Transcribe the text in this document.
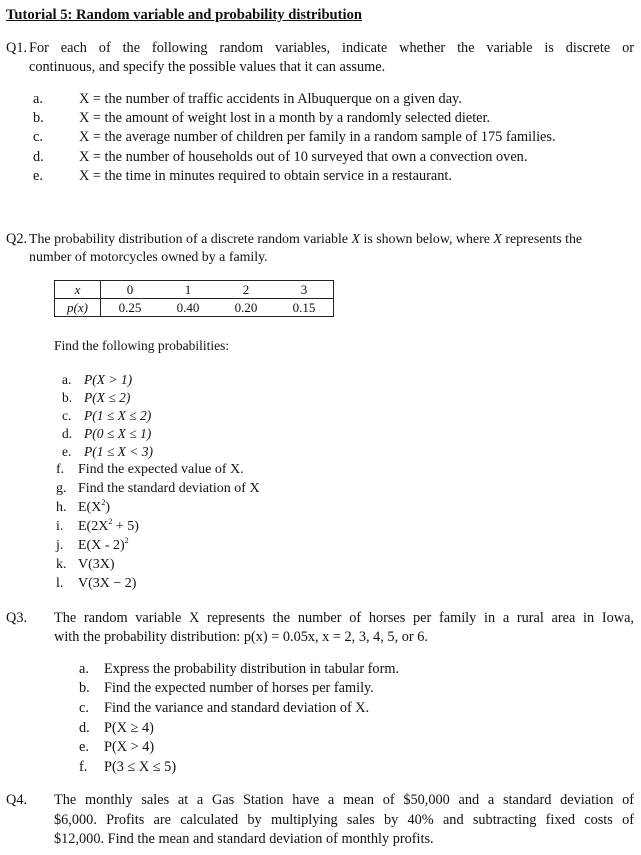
Tutorial 5: Random variable and probability distribution
Q1. For each of the following random variables, indicate whether the variable is discrete or
continuous, and specify the possible values that it can assume.
a.	X = the number of traffic accidents in Albuquerque on a given day.
b. X = the amount of weight lost in a month by a randomly selected dieter.
c.	X = the average number of children per family in a random sample of 175 families.
d. X = the number of households out of 10 surveyed that own a convection oven.
e.	X = the time in minutes required to obtain service in a restaurant.
Q2. The probability distribution of a discrete random variable X is shown below, where X represents the
number of motorcycles owned by a family.
x	0	1	2	3
p(x)	0.25	0.40	0.20	0.15
Find the following probabilities:
a. P(X > 1)
b. P(X ≤ 2)
c. P(1 ≤ X ≤ 2)
d. P(0 ≤ X ≤ 1)
e. P(1 ≤ X < 3)
f. Find the expected value of X.
g. Find the standard deviation of X
h. $E(X^2)$
i. $E(2X^2 + 5)$
j. E(X - 2)$^2$
k. V(3X)
l. V(3X − 2)
Q3. The random variable X represents the number of horses per family in a rural area in Iowa,
with the probability distribution: p(x) = 0.05x, x = 2, 3, 4, 5, or 6.
a. Express the probability distribution in tabular form.
b. Find the expected number of horses per family.
c. Find the variance and standard deviation of X.
d. P(X ≥ 4)
e. P(X > 4)
f. P(3 ≤ X ≤ 5)
Q4. The monthly sales at a Gas Station have a mean of $50,000 and a standard deviation of
$6,000. Profits are calculated by multiplying sales by 40% and subtracting fixed costs of
$12,000. Find the mean and standard deviation of monthly profits.
